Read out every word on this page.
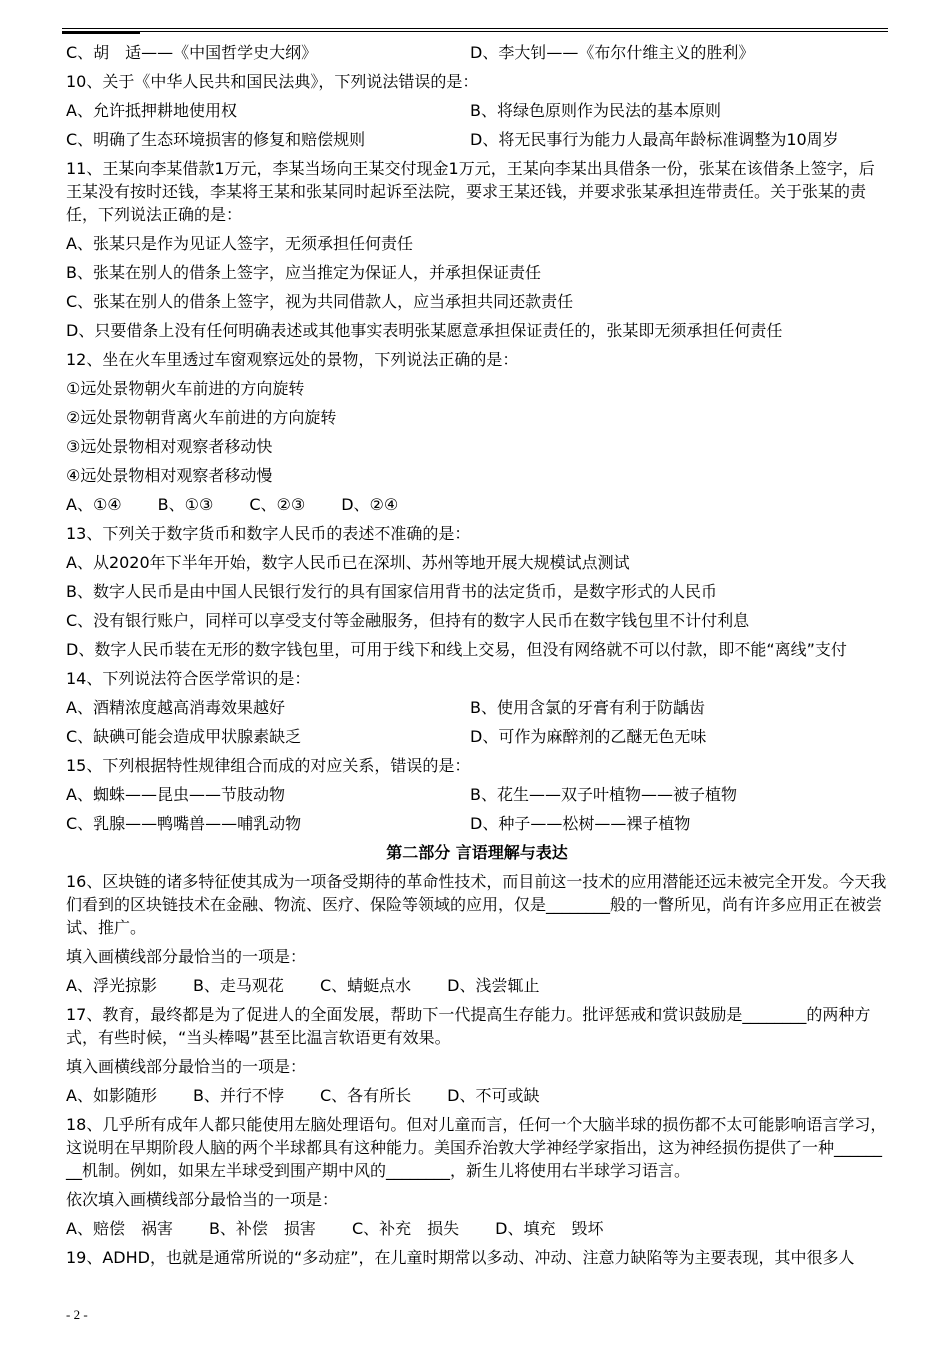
C、胡　适——《中国哲学史大纲》	D、李大钊——《布尔什维主义的胜利》

10、关于《中华人民共和国民法典》，下列说法错误的是：

A、允许抵押耕地使用权	B、将绿色原则作为民法的基本原则
C、明确了生态环境损害的修复和赔偿规则	D、将无民事行为能力人最高年龄标准调整为10周岁

11、王某向李某借款1万元，李某当场向王某交付现金1万元，王某向李某出具借条一份，张某在该借条上签字，后王某没有按时还钱，李某将王某和张某同时起诉至法院，要求王某还钱，并要求张某承担连带责任。关于张某的责任，下列说法正确的是：

A、张某只是作为见证人签字，无须承担任何责任

B、张某在别人的借条上签字，应当推定为保证人，并承担保证责任

C、张某在别人的借条上签字，视为共同借款人，应当承担共同还款责任

D、只要借条上没有任何明确表述或其他事实表明张某愿意承担保证责任的，张某即无须承担任何责任

12、坐在火车里透过车窗观察远处的景物，下列说法正确的是：

①远处景物朝火车前进的方向旋转

②远处景物朝背离火车前进的方向旋转

③远处景物相对观察者移动快

④远处景物相对观察者移动慢

A、①④ B、①③ C、②③ D、②④

13、下列关于数字货币和数字人民币的表述不准确的是：

A、从2020年下半年开始，数字人民币已在深圳、苏州等地开展大规模试点测试

B、数字人民币是由中国人民银行发行的具有国家信用背书的法定货币，是数字形式的人民币

C、没有银行账户，同样可以享受支付等金融服务，但持有的数字人民币在数字钱包里不计付利息

D、数字人民币装在无形的数字钱包里，可用于线下和线上交易，但没有网络就不可以付款，即不能“离线”支付

14、下列说法符合医学常识的是：

A、酒精浓度越高消毒效果越好	B、使用含氯的牙膏有利于防龋齿
C、缺碘可能会造成甲状腺素缺乏	D、可作为麻醉剂的乙醚无色无味

15、下列根据特性规律组合而成的对应关系，错误的是：

A、蜘蛛——昆虫——节肢动物	B、花生——双子叶植物——被子植物
C、乳腺——鸭嘴兽——哺乳动物	D、种子——松树——裸子植物
第二部分 言语理解与表达

16、区块链的诸多特征使其成为一项备受期待的革命性技术，而目前这一技术的应用潜能还远未被完全开发。今天我们看到的区块链技术在金融、物流、医疗、保险等领域的应用，仅是________般的一瞥所见，尚有许多应用正在被尝试、推广。

填入画横线部分最恰当的一项是：

A、浮光掠影 B、走马观花 C、蜻蜓点水 D、浅尝辄止

17、教育，最终都是为了促进人的全面发展，帮助下一代提高生存能力。批评惩戒和赏识鼓励是________的两种方式，有些时候，“当头棒喝”甚至比温言软语更有效果。

填入画横线部分最恰当的一项是：

A、如影随形 B、并行不悖 C、各有所长 D、不可或缺

18、几乎所有成年人都只能使用左脑处理语句。但对儿童而言，任何一个大脑半球的损伤都不太可能影响语言学习，这说明在早期阶段人脑的两个半球都具有这种能力。美国乔治敦大学神经学家指出，这为神经损伤提供了一种________机制。例如，如果左半球受到围产期中风的________，新生儿将使用右半球学习语言。

依次填入画横线部分最恰当的一项是：

A、赔偿　祸害 B、补偿　损害 C、补充　损失 D、填充　毁坏

19、ADHD，也就是通常所说的“多动症”，在儿童时期常以多动、冲动、注意力缺陷等为主要表现，其中很多人

- 2 -
